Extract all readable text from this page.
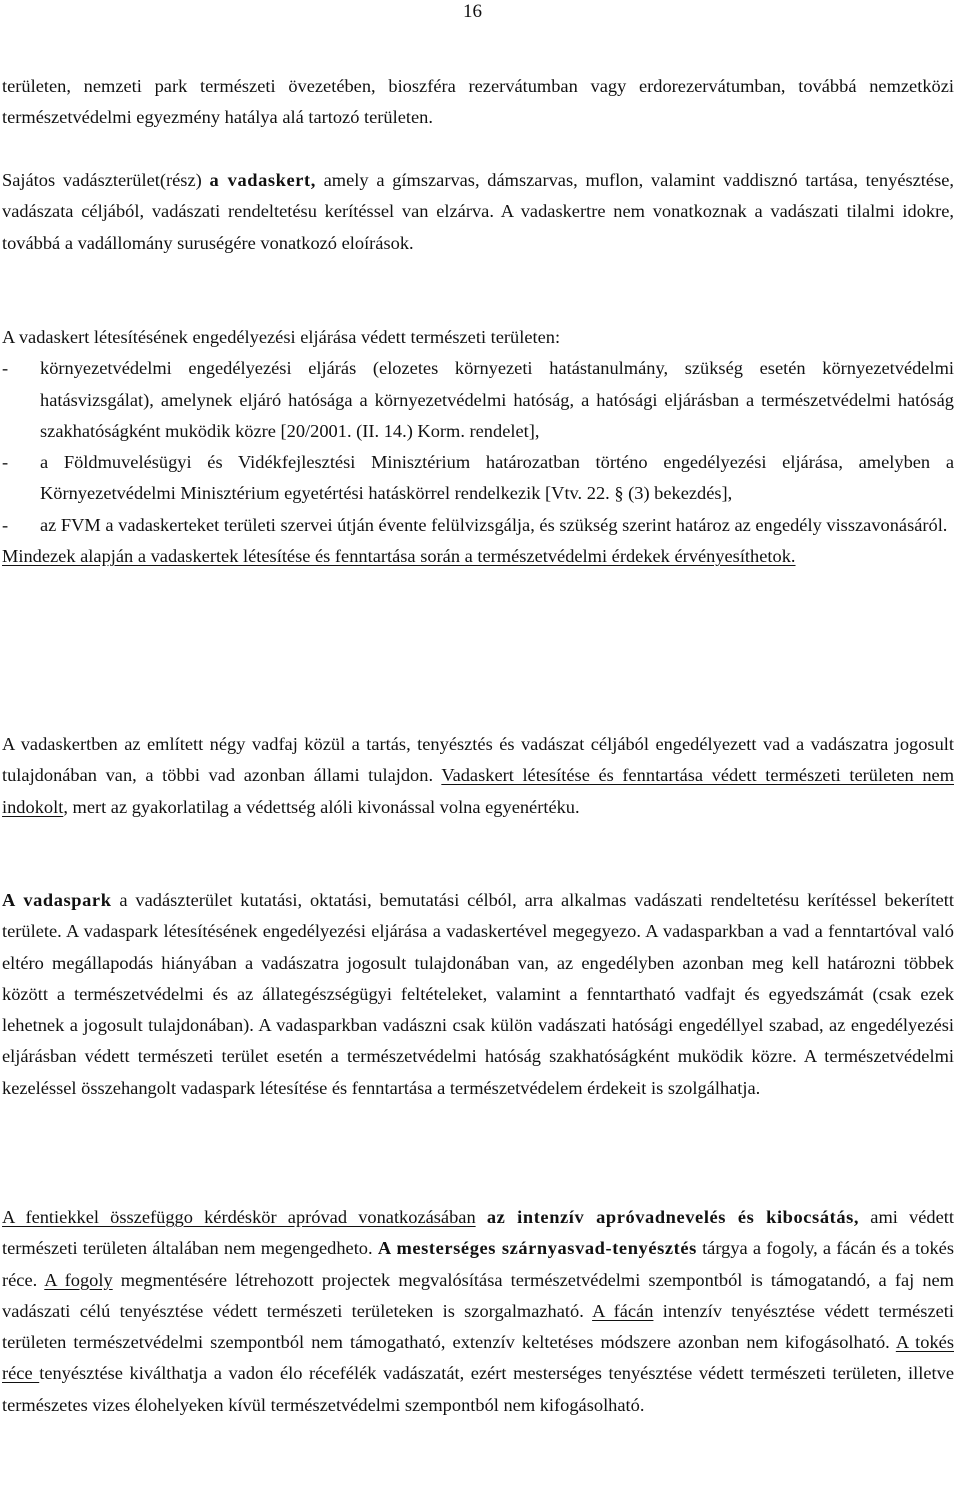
16

területen, nemzeti park természeti övezetében, bioszféra rezervátumban vagy erdorezervátumban, továbbá nemzetközi természetvédelmi egyezmény hatálya alá tartozó területen.

Sajátos vadászterület(rész) a vadaskert, amely a gímszarvas, dámszarvas, muflon, valamint vaddisznó tartása, tenyésztése, vadászata céljából, vadászati rendeltetésu kerítéssel van elzárva. A vadaskertre nem vonatkoznak a vadászati tilalmi idokre, továbbá a vadállomány suruségére vonatkozó eloírások.

A vadaskert létesítésének engedélyezési eljárása védett természeti területen:

- környezetvédelmi engedélyezési eljárás (elozetes környezeti hatástanulmány, szükség esetén környezetvédelmi hatásvizsgálat), amelynek eljáró hatósága a környezetvédelmi hatóság, a hatósági eljárásban a természetvédelmi hatóság szakhatóságként muködik közre [20/2001. (II. 14.) Korm. rendelet],
- a Földmuvelésügyi és Vidékfejlesztési Minisztérium határozatban történo engedélyezési eljárása, amelyben a Környezetvédelmi Minisztérium egyetértési hatáskörrel rendelkezik [Vtv. 22. § (3) bekezdés],
- az FVM a vadaskerteket területi szervei útján évente felülvizsgálja, és szükség szerint határoz az engedély visszavonásáról.

Mindezek alapján a vadaskertek létesítése és fenntartása során a természetvédelmi érdekek érvényesíthetok.

A vadaskertben az említett négy vadfaj közül a tartás, tenyésztés és vadászat céljából engedélyezett vad a vadászatra jogosult tulajdonában van, a többi vad azonban állami tulajdon. Vadaskert létesítése és fenntartása védett természeti területen nem indokolt, mert az gyakorlatilag a védettség alóli kivonással volna egyenértéku.

A vadaspark a vadászterület kutatási, oktatási, bemutatási célból, arra alkalmas vadászati rendeltetésu kerítéssel bekerített területe. A vadaspark létesítésének engedélyezési eljárása a vadaskertével megegyezo. A vadasparkban a vad a fenntartóval való eltéro megállapodás hiányában a vadászatra jogosult tulajdonában van, az engedélyben azonban meg kell határozni többek között a természetvédelmi és az állategészségügyi feltételeket, valamint a fenntartható vadfajt és egyedszámát (csak ezek lehetnek a jogosult tulajdonában). A vadasparkban vadászni csak külön vadászati hatósági engedéllyel szabad, az engedélyezési eljárásban védett természeti terület esetén a természetvédelmi hatóság szakhatóságként muködik közre. A természetvédelmi kezeléssel összehangolt vadaspark létesítése és fenntartása a természetvédelem érdekeit is szolgálhatja.

A fentiekkel összefüggo kérdéskör apróvad vonatkozásában az intenzív apróvadnevelés és kibocsátás, ami védett természeti területen általában nem megengedheto. A mesterséges szárnyasvad-tenyésztés tárgya a fogoly, a fácán és a tokés réce. A fogoly megmentésére létrehozott projectek megvalósítása természetvédelmi szempontból is támogatandó, a faj nem vadászati célú tenyésztése védett természeti területeken is szorgalmazható. A fácán intenzív tenyésztése védett természeti területen természetvédelmi szempontból nem támogatható, extenzív keltetéses módszere azonban nem kifogásolható. A tokés réce tenyésztése kiválthatja a vadon élo récefélék vadászatát, ezért mesterséges tenyésztése védett természeti területen, illetve természetes vizes élohelyeken kívül természetvédelmi szempontból nem kifogásolható.
